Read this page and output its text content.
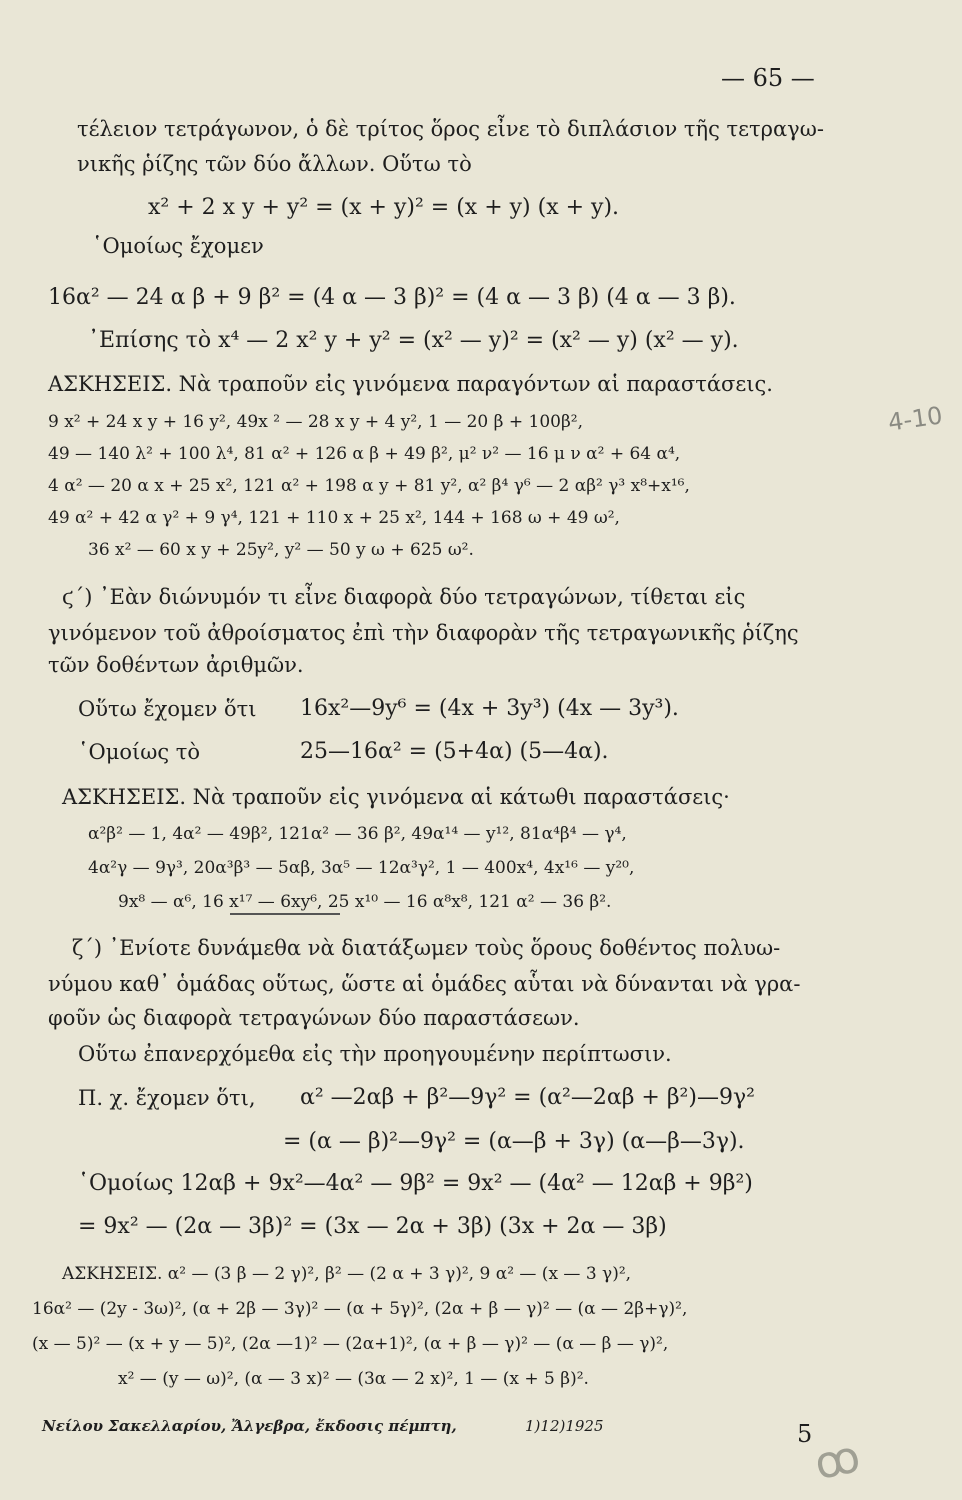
— 65 —
τέλειον τετράγωνον, ὁ δὲ τρίτος ὅρος εἶνε τὸ διπλάσιον τῆς τετραγω-
νικῆς ῥίζης τῶν δύο ἄλλων. Οὕτω τὸ
x² + 2 x y + y² = (x + y)² = (x + y) (x + y).
῾Ομοίως ἔχομεν
16α² — 24 α β + 9 β² = (4 α — 3 β)² = (4 α — 3 β) (4 α — 3 β).
᾿Επίσης τὸ x⁴ — 2 x² y + y² = (x² — y)² = (x² — y) (x² — y).
ΑΣΚΗΣΕΙΣ. Νὰ τραποῦν εἰς γινόμενα παραγόντων αἱ παραστάσεις.
9 x² + 24 x y + 16 y², 49x ² — 28 x y + 4 y², 1 — 20 β + 100β²,
49 — 140 λ² + 100 λ⁴, 81 α² + 126 α β + 49 β², μ² ν² — 16 μ ν α² + 64 α⁴,
4 α² — 20 α x + 25 x², 121 α² + 198 α y + 81 y², α² β⁴ γ⁶ — 2 αβ² γ³ x⁸+x¹⁶,
49 α² + 42 α γ² + 9 γ⁴, 121 + 110 x + 25 x², 144 + 168 ω + 49 ω²,
36 x² — 60 x y + 25y², y² — 50 y ω + 625 ω².
ϛ΄) ᾿Εὰν διώνυμόν τι εἶνε διαφορὰ δύο τετραγώνων, τίθεται εἰς
γινόμενον τοῦ ἀθροίσματος ἐπὶ τὴν διαφορὰν τῆς τετραγωνικῆς ῥίζης
τῶν δοθέντων ἀριθμῶν.
Οὕτω ἔχομεν ὅτι 16x²—9y⁶ = (4x + 3y³) (4x — 3y³).
῾Ομοίως τὸ	25—16α² = (5+4α) (5—4α).
ΑΣΚΗΣΕΙΣ. Νὰ τραποῦν εἰς γινόμενα αἱ κάτωθι παραστάσεις·
α²β² — 1, 4α² — 49β², 121α² — 36 β², 49α¹⁴ — y¹², 81α⁴β⁴ — γ⁴,
4α²γ — 9γ³, 20α³β³ — 5αβ, 3α⁵ — 12α³γ², 1 — 400x⁴, 4x¹⁶ — y²⁰,
9x⁸ — α⁶, 16 x¹⁷ — 6xy⁶, 25 x¹⁰ — 16 α⁸x⁸, 121 α² — 36 β².
ζ΄) ᾿Ενίοτε δυνάμεθα νὰ διατάξωμεν τοὺς ὅρους δοθέντος πολυω-
νύμου καθ᾿ ὁμάδας οὕτως, ὥστε αἱ ὁμάδες αὗται νὰ δύνανται νὰ γρα-
φοῦν ὡς διαφορὰ τετραγώνων δύο παραστάσεων.
Οὕτω ἐπανερχόμεθα εἰς τὴν προηγουμένην περίπτωσιν.
Π. χ. ἔχομεν ὅτι, α² —2αβ + β²—9γ² = (α²—2αβ + β²)—9γ²
= (α — β)²—9γ² = (α—β + 3γ) (α—β—3γ).
῾Ομοίως 12αβ + 9x²—4α² — 9β² = 9x² — (4α² — 12αβ + 9β²)
= 9x² — (2α — 3β)² = (3x — 2α + 3β) (3x + 2α — 3β)
ΑΣΚΗΣΕΙΣ. α² — (3 β — 2 γ)², β² — (2 α + 3 γ)², 9 α² — (x — 3 γ)²,
16α² — (2y - 3ω)², (α + 2β — 3γ)² — (α + 5γ)², (2α + β — γ)² — (α — 2β+γ)²,
(x — 5)² — (x + y — 5)², (2α —1)² — (2α+1)², (α + β — γ)² — (α — β — γ)²,
x² — (y — ω)², (α — 3 x)² — (3α — 2 x)², 1 — (x + 5 β)².
Νείλου Σακελλαρίου, Ἄλγεβρα, ἔκδοσις πέμπτη,	1)12)1925	5
4-10
ꝏ
